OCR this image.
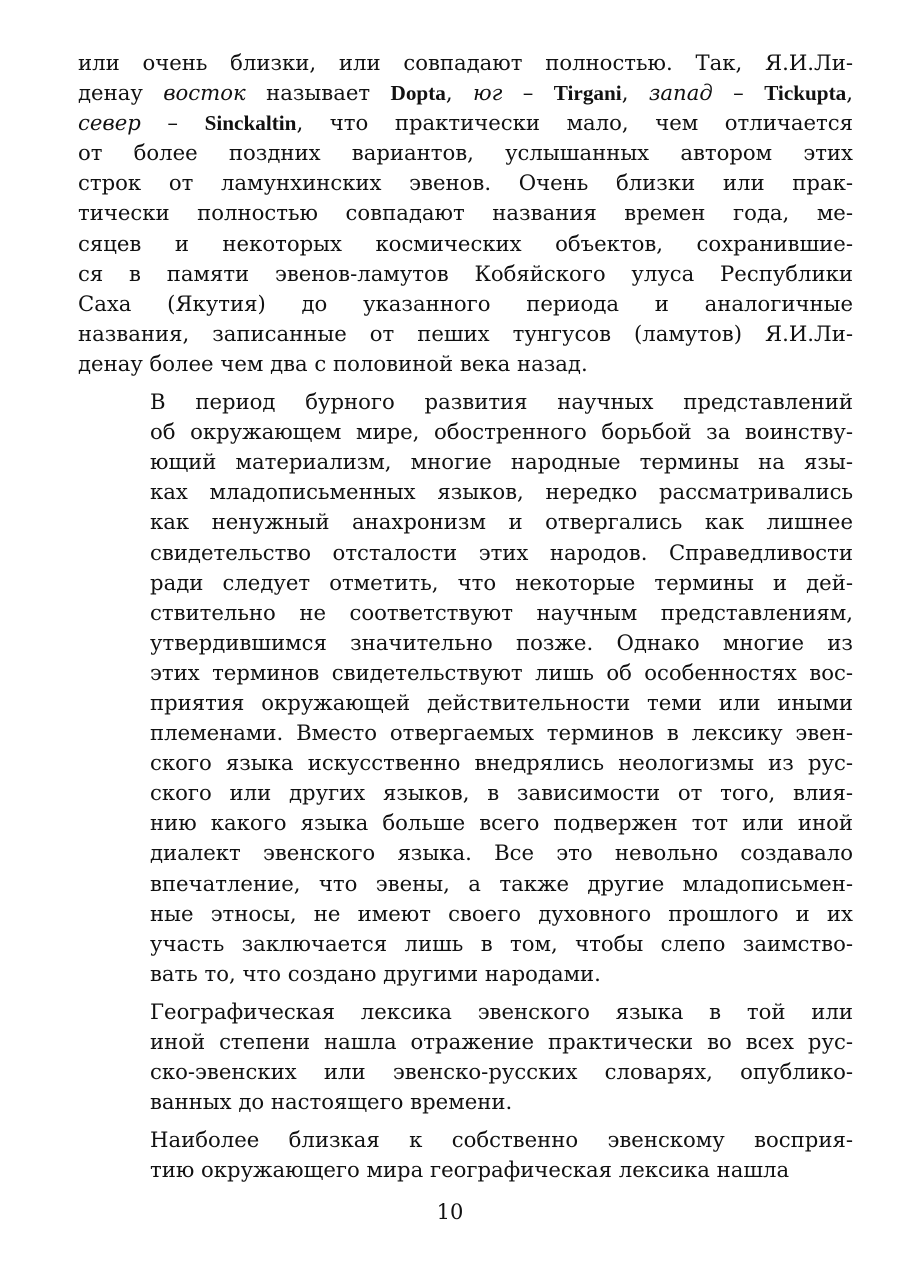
или очень близки, или совпадают полностью. Так, Я.И.Ли-
денау восток называет Dopta, юг – Tirgani, запад – Tickupta,
север – Sinckaltin, что практически мало, чем отличается
от более поздних вариантов, услышанных автором этих
строк от ламунхинских эвенов. Очень близки или прак-
тически полностью совпадают названия времен года, ме-
сяцев и некоторых космических объектов, сохранившие-
ся в памяти эвенов-ламутов Кобяйского улуса Республики
Саха (Якутия) до указанного периода и аналогичные
названия, записанные от пеших тунгусов (ламутов) Я.И.Ли-
денау более чем два с половиной века назад.
В период бурного развития научных представлений
об окружающем мире, обостренного борьбой за воинству-
ющий материализм, многие народные термины на язы-
ках младописьменных языков, нередко рассматривались
как ненужный анахронизм и отвергались как лишнее
свидетельство отсталости этих народов. Справедливости
ради следует отметить, что некоторые термины и дей-
ствительно не соответствуют научным представлениям,
утвердившимся значительно позже. Однако многие из
этих терминов свидетельствуют лишь об особенностях вос-
приятия окружающей действительности теми или иными
племенами. Вместо отвергаемых терминов в лексику эвен-
ского языка искусственно внедрялись неологизмы из рус-
ского или других языков, в зависимости от того, влия-
нию какого языка больше всего подвержен тот или иной
диалект эвенского языка. Все это невольно создавало
впечатление, что эвены, а также другие младописьмен-
ные этносы, не имеют своего духовного прошлого и их
участь заключается лишь в том, чтобы слепо заимство-
вать то, что создано другими народами.
Географическая лексика эвенского языка в той или
иной степени нашла отражение практически во всех рус-
ско-эвенских или эвенско-русских словарях, опублико-
ванных до настоящего времени.
Наиболее близкая к собственно эвенскому восприя-
тию окружающего мира географическая лексика нашла
10
